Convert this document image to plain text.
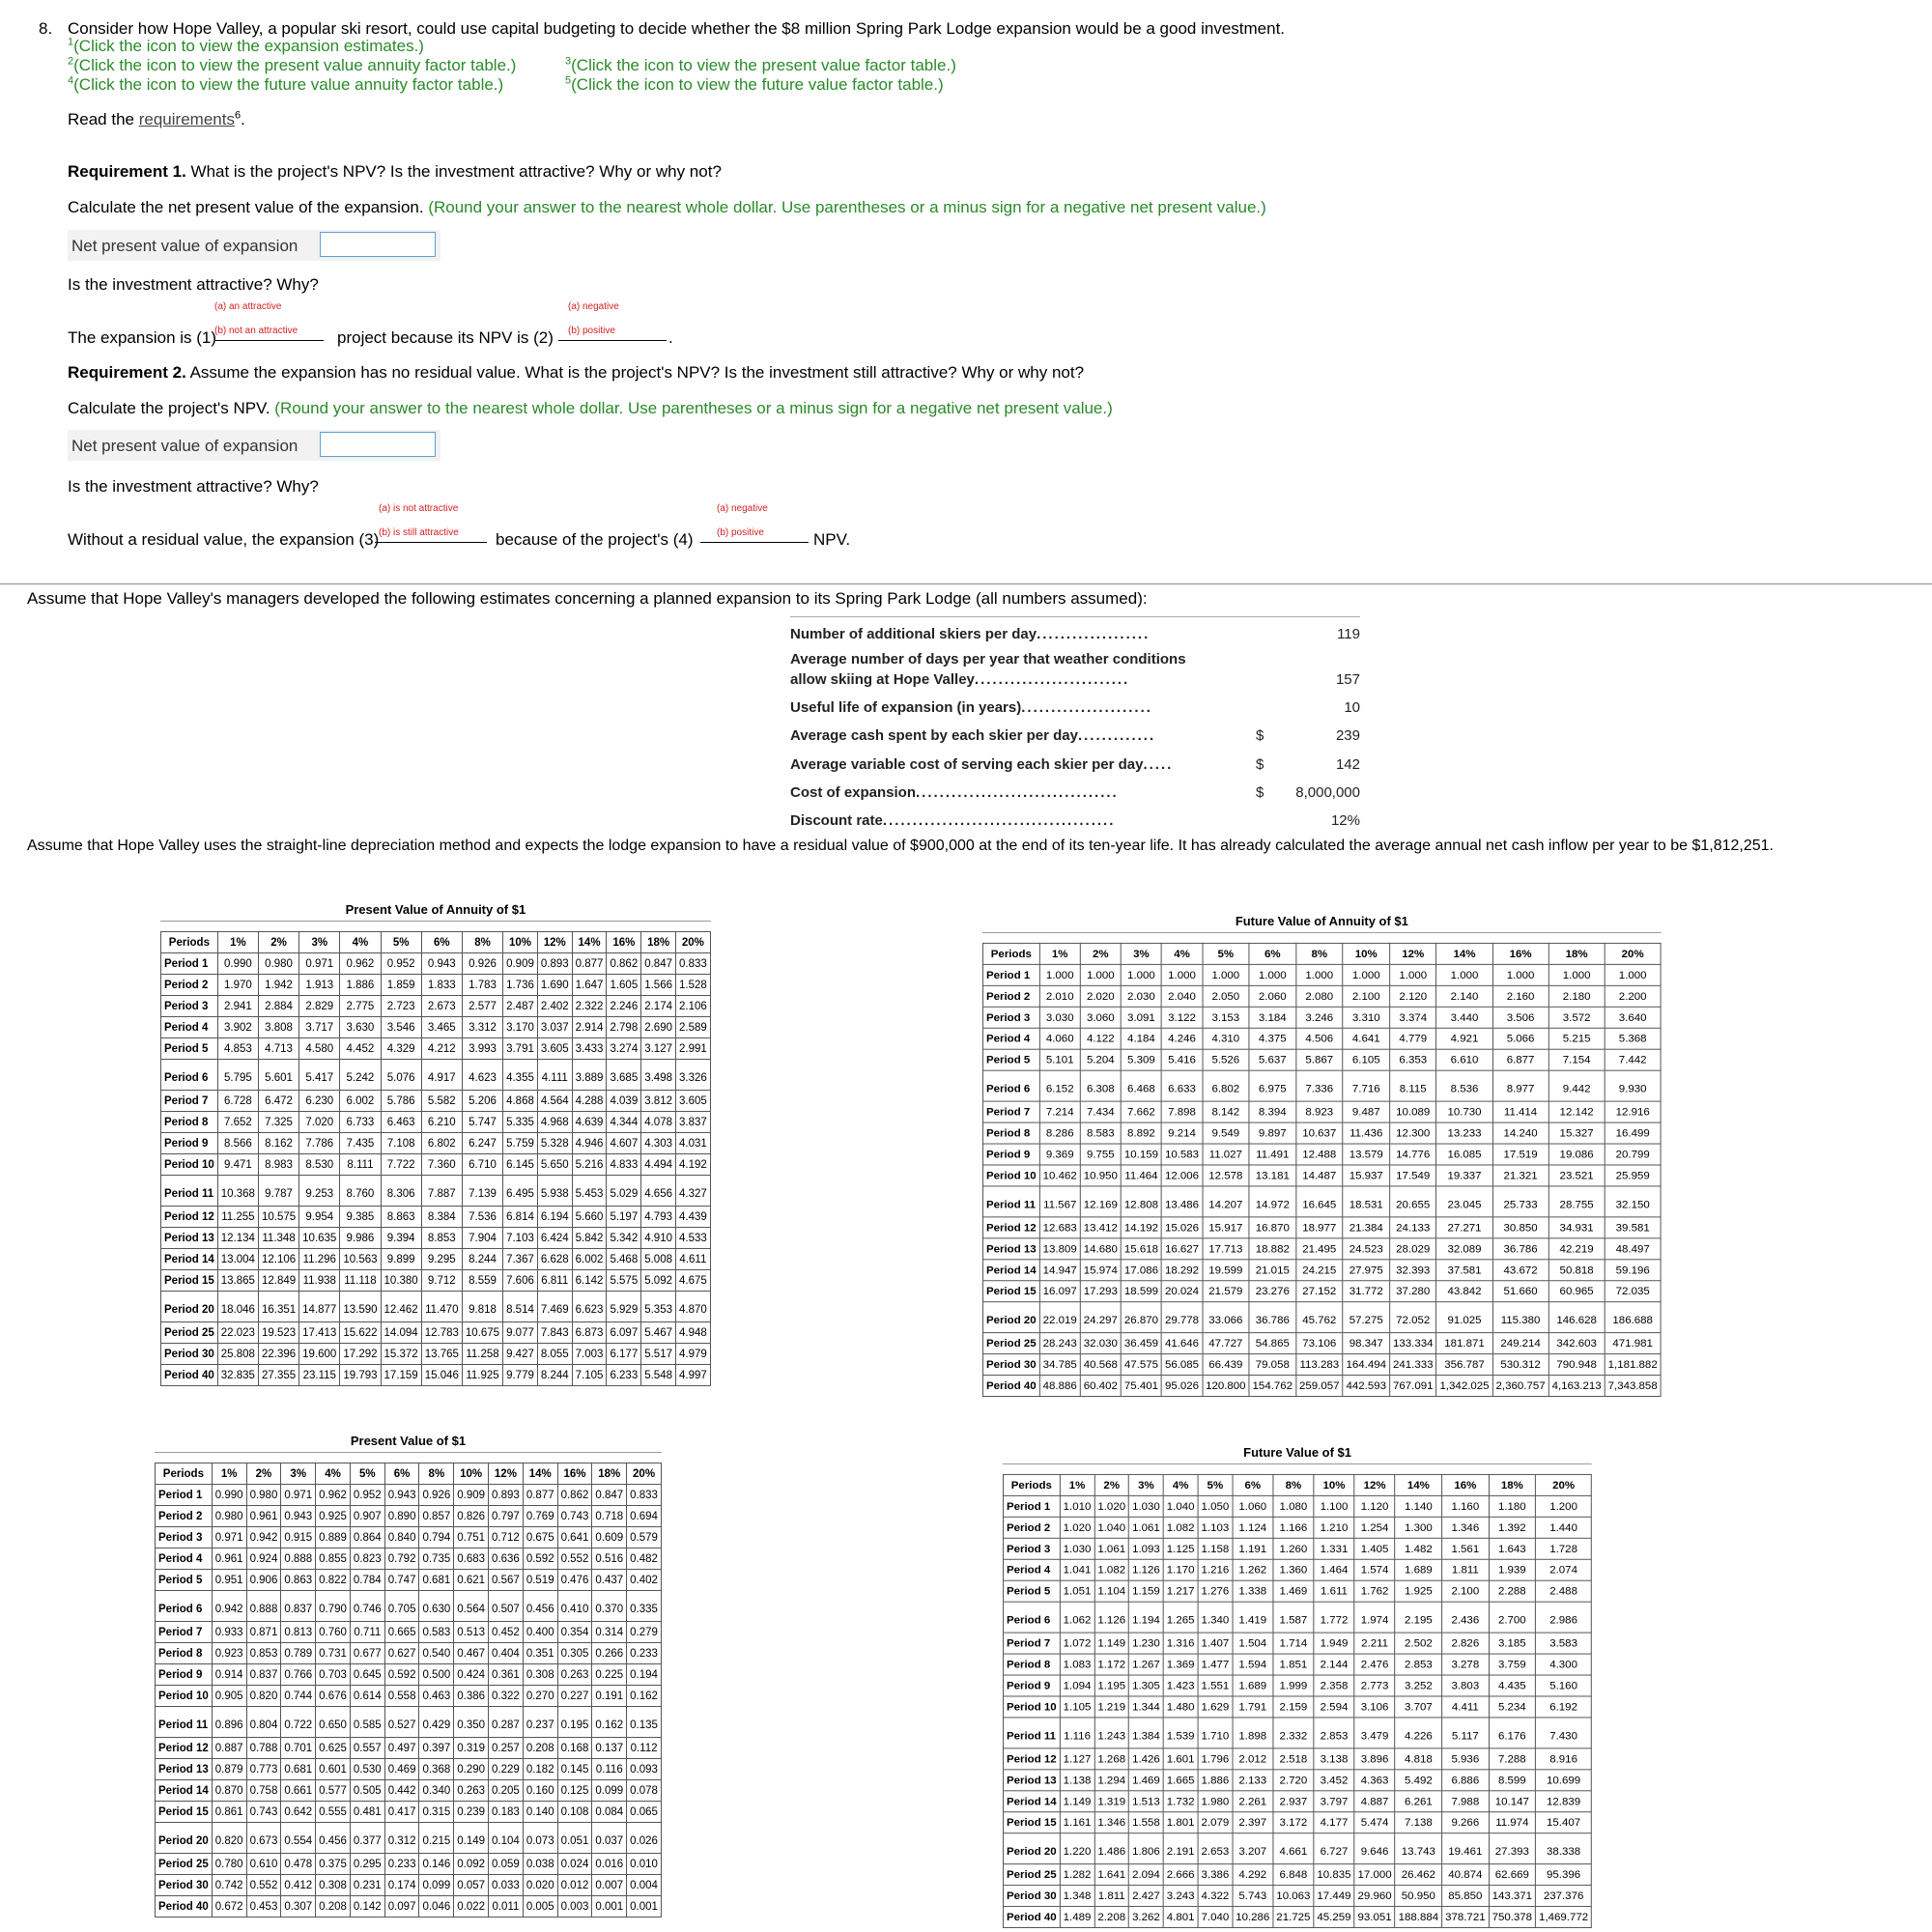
8. Consider how Hope Valley, a popular ski resort, could use capital budgeting to decide whether the $8 million Spring Park Lodge expansion would be a good investment.
$^1$(Click the icon to view the expansion estimates.)
$^2$(Click the icon to view the present value annuity factor table.)	$^3$(Click the icon to view the present value factor table.)
$^4$(Click the icon to view the future value annuity factor table.)	$^5$(Click the icon to view the future value factor table.)
Read the requirements$^6$.
Requirement 1. What is the project's NPV? Is the investment attractive? Why or why not?
Calculate the net present value of the expansion. (Round your answer to the nearest whole dollar. Use parentheses or a minus sign for a negative net present value.)
Net present value of expansion
Is the investment attractive? Why?
(a) an attractive
(b) not an attractive
(a) negative
(b) positive
The expansion is (1)	project because its NPV is (2)	.
Requirement 2. Assume the expansion has no residual value. What is the project's NPV? Is the investment still attractive? Why or why not?
Calculate the project's NPV. (Round your answer to the nearest whole dollar. Use parentheses or a minus sign for a negative net present value.)
Net present value of expansion
Is the investment attractive? Why?
(a) is not attractive
(b) is still attractive
(a) negative
(b) positive
Without a residual value, the expansion (3)	because of the project's (4)	NPV.
Assume that Hope Valley's managers developed the following estimates concerning a planned expansion to its Spring Park Lodge (all numbers assumed):
Number of additional skiers per day...................	119
Average number of days per year that weather conditions
allow skiing at Hope Valley..........................	157
Useful life of expansion (in years)......................	10
Average cash spent by each skier per day.............	$	239
Average variable cost of serving each skier per day.....	$	142
Cost of expansion..................................	$ 8,000,000
Discount rate.......................................	12%
Assume that Hope Valley uses the straight-line depreciation method and expects the lodge expansion to have a residual value of $900,000 at the end of its ten-year life. It has already calculated the average annual net cash inflow per year to be $1,812,251.
Present Value of Annuity of $1
Periods	1%	2%	3%	4%	5%	6%	8%	10%	12%	14%	16%	18%	20%
Period 1	0.990	0.980	0.971	0.962	0.952	0.943	0.926	0.909	0.893	0.877	0.862	0.847	0.833
Period 2	1.970	1.942	1.913	1.886	1.859	1.833	1.783	1.736	1.690	1.647	1.605	1.566	1.528
Period 3	2.941	2.884	2.829	2.775	2.723	2.673	2.577	2.487	2.402	2.322	2.246	2.174	2.106
Period 4	3.902	3.808	3.717	3.630	3.546	3.465	3.312	3.170	3.037	2.914	2.798	2.690	2.589
Period 5	4.853	4.713	4.580	4.452	4.329	4.212	3.993	3.791	3.605	3.433	3.274	3.127	2.991
Period 6	5.795	5.601	5.417	5.242	5.076	4.917	4.623	4.355	4.111	3.889	3.685	3.498	3.326
Period 7	6.728	6.472	6.230	6.002	5.786	5.582	5.206	4.868	4.564	4.288	4.039	3.812	3.605
Period 8	7.652	7.325	7.020	6.733	6.463	6.210	5.747	5.335	4.968	4.639	4.344	4.078	3.837
Period 9	8.566	8.162	7.786	7.435	7.108	6.802	6.247	5.759	5.328	4.946	4.607	4.303	4.031
Period 10	9.471	8.983	8.530	8.111	7.722	7.360	6.710	6.145	5.650	5.216	4.833	4.494	4.192
Period 11	10.368	9.787	9.253	8.760	8.306	7.887	7.139	6.495	5.938	5.453	5.029	4.656	4.327
Period 12	11.255	10.575	9.954	9.385	8.863	8.384	7.536	6.814	6.194	5.660	5.197	4.793	4.439
Period 13	12.134	11.348	10.635	9.986	9.394	8.853	7.904	7.103	6.424	5.842	5.342	4.910	4.533
Period 14	13.004	12.106	11.296	10.563	9.899	9.295	8.244	7.367	6.628	6.002	5.468	5.008	4.611
Period 15	13.865	12.849	11.938	11.118	10.380	9.712	8.559	7.606	6.811	6.142	5.575	5.092	4.675
Period 20	18.046	16.351	14.877	13.590	12.462	11.470	9.818	8.514	7.469	6.623	5.929	5.353	4.870
Period 25	22.023	19.523	17.413	15.622	14.094	12.783	10.675	9.077	7.843	6.873	6.097	5.467	4.948
Period 30	25.808	22.396	19.600	17.292	15.372	13.765	11.258	9.427	8.055	7.003	6.177	5.517	4.979
Period 40	32.835	27.355	23.115	19.793	17.159	15.046	11.925	9.779	8.244	7.105	6.233	5.548	4.997
Future Value of Annuity of $1
Periods	1%	2%	3%	4%	5%	6%	8%	10%	12%	14%	16%	18%	20%
Period 1	1.000	1.000	1.000	1.000	1.000	1.000	1.000	1.000	1.000	1.000	1.000	1.000	1.000
Period 2	2.010	2.020	2.030	2.040	2.050	2.060	2.080	2.100	2.120	2.140	2.160	2.180	2.200
Period 3	3.030	3.060	3.091	3.122	3.153	3.184	3.246	3.310	3.374	3.440	3.506	3.572	3.640
Period 4	4.060	4.122	4.184	4.246	4.310	4.375	4.506	4.641	4.779	4.921	5.066	5.215	5.368
Period 5	5.101	5.204	5.309	5.416	5.526	5.637	5.867	6.105	6.353	6.610	6.877	7.154	7.442
Period 6	6.152	6.308	6.468	6.633	6.802	6.975	7.336	7.716	8.115	8.536	8.977	9.442	9.930
Period 7	7.214	7.434	7.662	7.898	8.142	8.394	8.923	9.487	10.089	10.730	11.414	12.142	12.916
Period 8	8.286	8.583	8.892	9.214	9.549	9.897	10.637	11.436	12.300	13.233	14.240	15.327	16.499
Period 9	9.369	9.755	10.159	10.583	11.027	11.491	12.488	13.579	14.776	16.085	17.519	19.086	20.799
Period 10	10.462	10.950	11.464	12.006	12.578	13.181	14.487	15.937	17.549	19.337	21.321	23.521	25.959
Period 11	11.567	12.169	12.808	13.486	14.207	14.972	16.645	18.531	20.655	23.045	25.733	28.755	32.150
Period 12	12.683	13.412	14.192	15.026	15.917	16.870	18.977	21.384	24.133	27.271	30.850	34.931	39.581
Period 13	13.809	14.680	15.618	16.627	17.713	18.882	21.495	24.523	28.029	32.089	36.786	42.219	48.497
Period 14	14.947	15.974	17.086	18.292	19.599	21.015	24.215	27.975	32.393	37.581	43.672	50.818	59.196
Period 15	16.097	17.293	18.599	20.024	21.579	23.276	27.152	31.772	37.280	43.842	51.660	60.965	72.035
Period 20	22.019	24.297	26.870	29.778	33.066	36.786	45.762	57.275	72.052	91.025	115.380	146.628	186.688
Period 25	28.243	32.030	36.459	41.646	47.727	54.865	73.106	98.347	133.334	181.871	249.214	342.603	471.981
Period 30	34.785	40.568	47.575	56.085	66.439	79.058	113.283	164.494	241.333	356.787	530.312	790.948	1,181.882
Period 40	48.886	60.402	75.401	95.026	120.800	154.762	259.057	442.593	767.091	1,342.025	2,360.757	4,163.213	7,343.858
Present Value of $1
Periods	1%	2%	3%	4%	5%	6%	8%	10%	12%	14%	16%	18%	20%
Period 1	0.990	0.980	0.971	0.962	0.952	0.943	0.926	0.909	0.893	0.877	0.862	0.847	0.833
Period 2	0.980	0.961	0.943	0.925	0.907	0.890	0.857	0.826	0.797	0.769	0.743	0.718	0.694
Period 3	0.971	0.942	0.915	0.889	0.864	0.840	0.794	0.751	0.712	0.675	0.641	0.609	0.579
Period 4	0.961	0.924	0.888	0.855	0.823	0.792	0.735	0.683	0.636	0.592	0.552	0.516	0.482
Period 5	0.951	0.906	0.863	0.822	0.784	0.747	0.681	0.621	0.567	0.519	0.476	0.437	0.402
Period 6	0.942	0.888	0.837	0.790	0.746	0.705	0.630	0.564	0.507	0.456	0.410	0.370	0.335
Period 7	0.933	0.871	0.813	0.760	0.711	0.665	0.583	0.513	0.452	0.400	0.354	0.314	0.279
Period 8	0.923	0.853	0.789	0.731	0.677	0.627	0.540	0.467	0.404	0.351	0.305	0.266	0.233
Period 9	0.914	0.837	0.766	0.703	0.645	0.592	0.500	0.424	0.361	0.308	0.263	0.225	0.194
Period 10	0.905	0.820	0.744	0.676	0.614	0.558	0.463	0.386	0.322	0.270	0.227	0.191	0.162
Period 11	0.896	0.804	0.722	0.650	0.585	0.527	0.429	0.350	0.287	0.237	0.195	0.162	0.135
Period 12	0.887	0.788	0.701	0.625	0.557	0.497	0.397	0.319	0.257	0.208	0.168	0.137	0.112
Period 13	0.879	0.773	0.681	0.601	0.530	0.469	0.368	0.290	0.229	0.182	0.145	0.116	0.093
Period 14	0.870	0.758	0.661	0.577	0.505	0.442	0.340	0.263	0.205	0.160	0.125	0.099	0.078
Period 15	0.861	0.743	0.642	0.555	0.481	0.417	0.315	0.239	0.183	0.140	0.108	0.084	0.065
Period 20	0.820	0.673	0.554	0.456	0.377	0.312	0.215	0.149	0.104	0.073	0.051	0.037	0.026
Period 25	0.780	0.610	0.478	0.375	0.295	0.233	0.146	0.092	0.059	0.038	0.024	0.016	0.010
Period 30	0.742	0.552	0.412	0.308	0.231	0.174	0.099	0.057	0.033	0.020	0.012	0.007	0.004
Period 40	0.672	0.453	0.307	0.208	0.142	0.097	0.046	0.022	0.011	0.005	0.003	0.001	0.001
Future Value of $1
Periods	1%	2%	3%	4%	5%	6%	8%	10%	12%	14%	16%	18%	20%
Period 1	1.010	1.020	1.030	1.040	1.050	1.060	1.080	1.100	1.120	1.140	1.160	1.180	1.200
Period 2	1.020	1.040	1.061	1.082	1.103	1.124	1.166	1.210	1.254	1.300	1.346	1.392	1.440
Period 3	1.030	1.061	1.093	1.125	1.158	1.191	1.260	1.331	1.405	1.482	1.561	1.643	1.728
Period 4	1.041	1.082	1.126	1.170	1.216	1.262	1.360	1.464	1.574	1.689	1.811	1.939	2.074
Period 5	1.051	1.104	1.159	1.217	1.276	1.338	1.469	1.611	1.762	1.925	2.100	2.288	2.488
Period 6	1.062	1.126	1.194	1.265	1.340	1.419	1.587	1.772	1.974	2.195	2.436	2.700	2.986
Period 7	1.072	1.149	1.230	1.316	1.407	1.504	1.714	1.949	2.211	2.502	2.826	3.185	3.583
Period 8	1.083	1.172	1.267	1.369	1.477	1.594	1.851	2.144	2.476	2.853	3.278	3.759	4.300
Period 9	1.094	1.195	1.305	1.423	1.551	1.689	1.999	2.358	2.773	3.252	3.803	4.435	5.160
Period 10	1.105	1.219	1.344	1.480	1.629	1.791	2.159	2.594	3.106	3.707	4.411	5.234	6.192
Period 11	1.116	1.243	1.384	1.539	1.710	1.898	2.332	2.853	3.479	4.226	5.117	6.176	7.430
Period 12	1.127	1.268	1.426	1.601	1.796	2.012	2.518	3.138	3.896	4.818	5.936	7.288	8.916
Period 13	1.138	1.294	1.469	1.665	1.886	2.133	2.720	3.452	4.363	5.492	6.886	8.599	10.699
Period 14	1.149	1.319	1.513	1.732	1.980	2.261	2.937	3.797	4.887	6.261	7.988	10.147	12.839
Period 15	1.161	1.346	1.558	1.801	2.079	2.397	3.172	4.177	5.474	7.138	9.266	11.974	15.407
Period 20	1.220	1.486	1.806	2.191	2.653	3.207	4.661	6.727	9.646	13.743	19.461	27.393	38.338
Period 25	1.282	1.641	2.094	2.666	3.386	4.292	6.848	10.835	17.000	26.462	40.874	62.669	95.396
Period 30	1.348	1.811	2.427	3.243	4.322	5.743	10.063	17.449	29.960	50.950	85.850	143.371	237.376
Period 40	1.489	2.208	3.262	4.801	7.040	10.286	21.725	45.259	93.051	188.884	378.721	750.378	1,469.772
